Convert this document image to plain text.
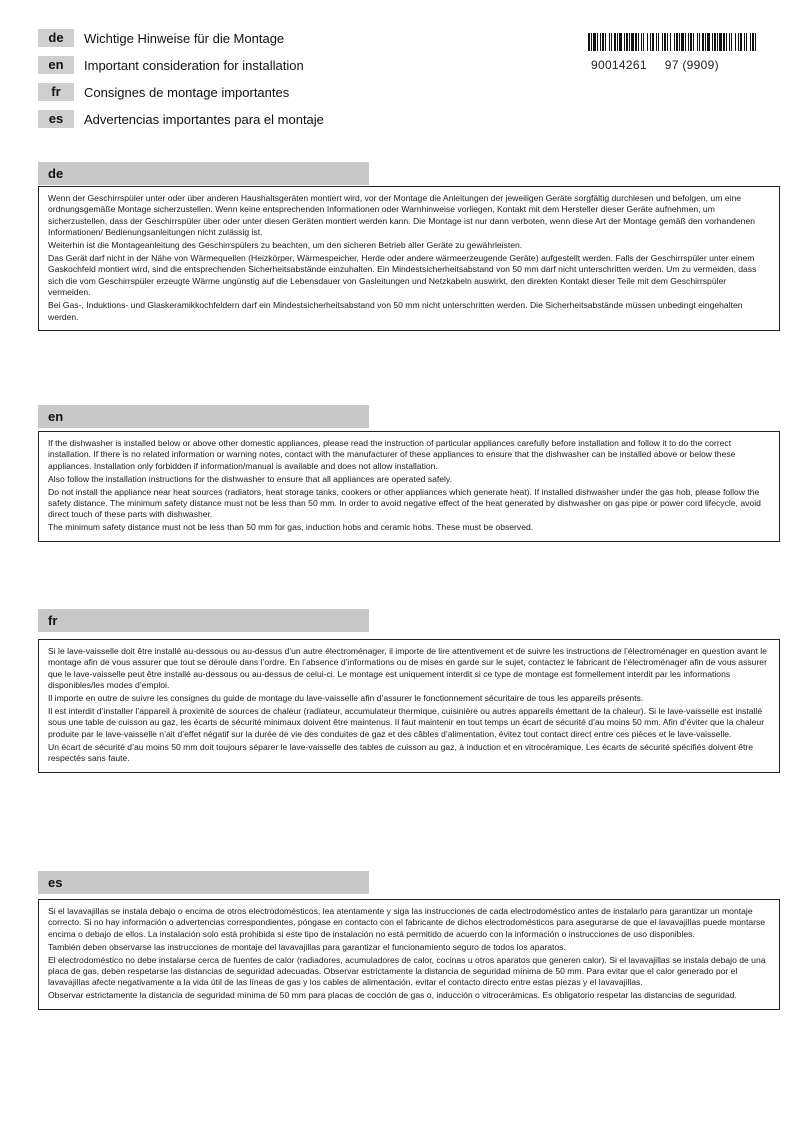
de	Wichtige Hinweise für die Montage
en	Important consideration for installation
fr	Consignes de montage importantes
es	Advertencias importantes para el montaje
90014261 97 (9909)
de

Wenn der Geschirrspüler unter oder über anderen Haushaltsgeräten montiert wird, vor der Montage die Anleitungen der jeweiligen Geräte sorgfältig durchlesen und befolgen, um eine ordnungsgemäße Montage sicherzustellen. Wenn keine entsprechenden Informationen oder Warnhinweise vorliegen, Kontakt mit dem Hersteller dieser Geräte aufnehmen, um sicherzustellen, dass der Geschirrspüler über oder unter diesen Geräten montiert werden kann. Die Montage ist nur dann verboten, wenn diese Art der Montage gemäß den vorhandenen Informationen/ Bedienungsanleitungen nicht zulässig ist.

Weiterhin ist die Montageanleitung des Geschirrspülers zu beachten, um den sicheren Betrieb aller Geräte zu gewährleisten.

Das Gerät darf nicht in der Nähe von Wärmequellen (Heizkörper, Wärmespeicher, Herde oder andere wärmeerzeugende Geräte) aufgestellt werden. Falls der Geschirrspüler unter einem Gaskochfeld montiert wird, sind die entsprechenden Sicherheitsabstände einzuhalten. Ein Mindestsicherheitsabstand von 50 mm darf nicht unterschritten werden. Um zu vermeiden, dass sich die vom Geschirrspüler erzeugte Wärme ungünstig auf die Lebensdauer von Gasleitungen und Netzkabeln auswirkt, den direkten Kontakt dieser Teile mit dem Geschirrspüler vermeiden.

Bei Gas-, Induktions- und Glaskeramikkochfeldern darf ein Mindestsicherheitsabstand von 50 mm nicht unterschritten werden. Die Sicherheitsabstände müssen unbedingt eingehalten werden.

en

If the dishwasher is installed below or above other domestic appliances, please read the instruction of particular appliances carefully before installation and follow it to do the correct installation. If there is no related information or warning notes, contact with the manufacturer of these appliances to ensure that the dishwasher can be installed above or below these appliances. Installation only forbidden if information/manual is available and does not allow installation.

Also follow the installation instructions for the dishwasher to ensure that all appliances are operated safely.

Do not install the appliance near heat sources (radiators, heat storage tanks, cookers or other appliances which generate heat). If installed dishwasher under the gas hob, please follow the safety distance. The minimum safety distance must not be less than 50 mm. In order to avoid negative effect of the heat generated by dishwasher on gas pipe or power cord lifecycle, avoid direct touch of these parts with dishwasher.

The minimum safety distance must not be less than 50 mm for gas, induction hobs and ceramic hobs. These must be observed.

fr

Si le lave-vaisselle doit être installé au-dessous ou au-dessus d’un autre électroménager, il importe de lire attentivement et de suivre les instructions de l’électroménager en question avant le montage afin de vous assurer que tout se déroule dans l’ordre. En l’absence d’informations ou de mises en garde sur le sujet, contactez le fabricant de l’électroménager afin de vous assurer que le lave-vaisselle peut être installé au-dessous ou au-dessus de celui-ci. Le montage est uniquement interdit si ce type de montage est formellement interdit par les informations disponibles/les modes d’emploi.

Il importe en outre de suivre les consignes du guide de montage du lave-vaisselle afin d’assurer le fonctionnement sécuritaire de tous les appareils présents.

Il est interdit d’installer l’appareil à proximité de sources de chaleur (radiateur, accumulateur thermique, cuisinière ou autres appareils émettant de la chaleur). Si le lave-vaisselle est installé sous une table de cuisson au gaz, les écarts de sécurité minimaux doivent être maintenus. Il faut maintenir en tout temps un écart de sécurité d’au moins 50 mm. Afin d’éviter que la chaleur produite par le lave-vaisselle n’ait d’effet négatif sur la durée de vie des conduites de gaz et des câbles d’alimentation, évitez tout contact direct entre ces pièces et le lave-vaisselle.

Un écart de sécurité d’au moins 50 mm doit toujours séparer le lave-vaisselle des tables de cuisson au gaz, à induction et en vitrocéramique. Les écarts de sécurité spécifiés doivent être respectés sans faute.

es

Si el lavavajillas se instala debajo o encima de otros electrodomésticos, lea atentamente y siga las instrucciones de cada electrodoméstico antes de instalarlo para garantizar un montaje correcto. Si no hay información o advertencias correspondientes, póngase en contacto con el fabricante de dichos electrodomésticos para asegurarse de que el lavavajillas puede montarse encima o debajo de ellos. La instalación solo está prohibida si este tipo de instalación no está permitido de acuerdo con la información o instrucciones de uso disponibles.

También deben observarse las instrucciones de montaje del lavavajillas para garantizar el funcionamiento seguro de todos los aparatos.

El electrodoméstico no debe instalarse cerca de fuentes de calor (radiadores, acumuladores de calor, cocinas u otros aparatos que generen calor). Si el lavavajillas se instala debajo de una placa de gas, deben respetarse las distancias de seguridad adecuadas. Observar estrictamente la distancia de seguridad mínima de 50 mm. Para evitar que el calor generado por el lavavajillas afecte negativamente a la vida útil de las líneas de gas y los cables de alimentación, evitar el contacto directo entre estas piezas y el lavavajillas.

Observar estrictamente la distancia de seguridad mínima de 50 mm para placas de cocción de gas o, inducción o vitrocerámicas. Es obligatorio respetar las distancias de seguridad.
